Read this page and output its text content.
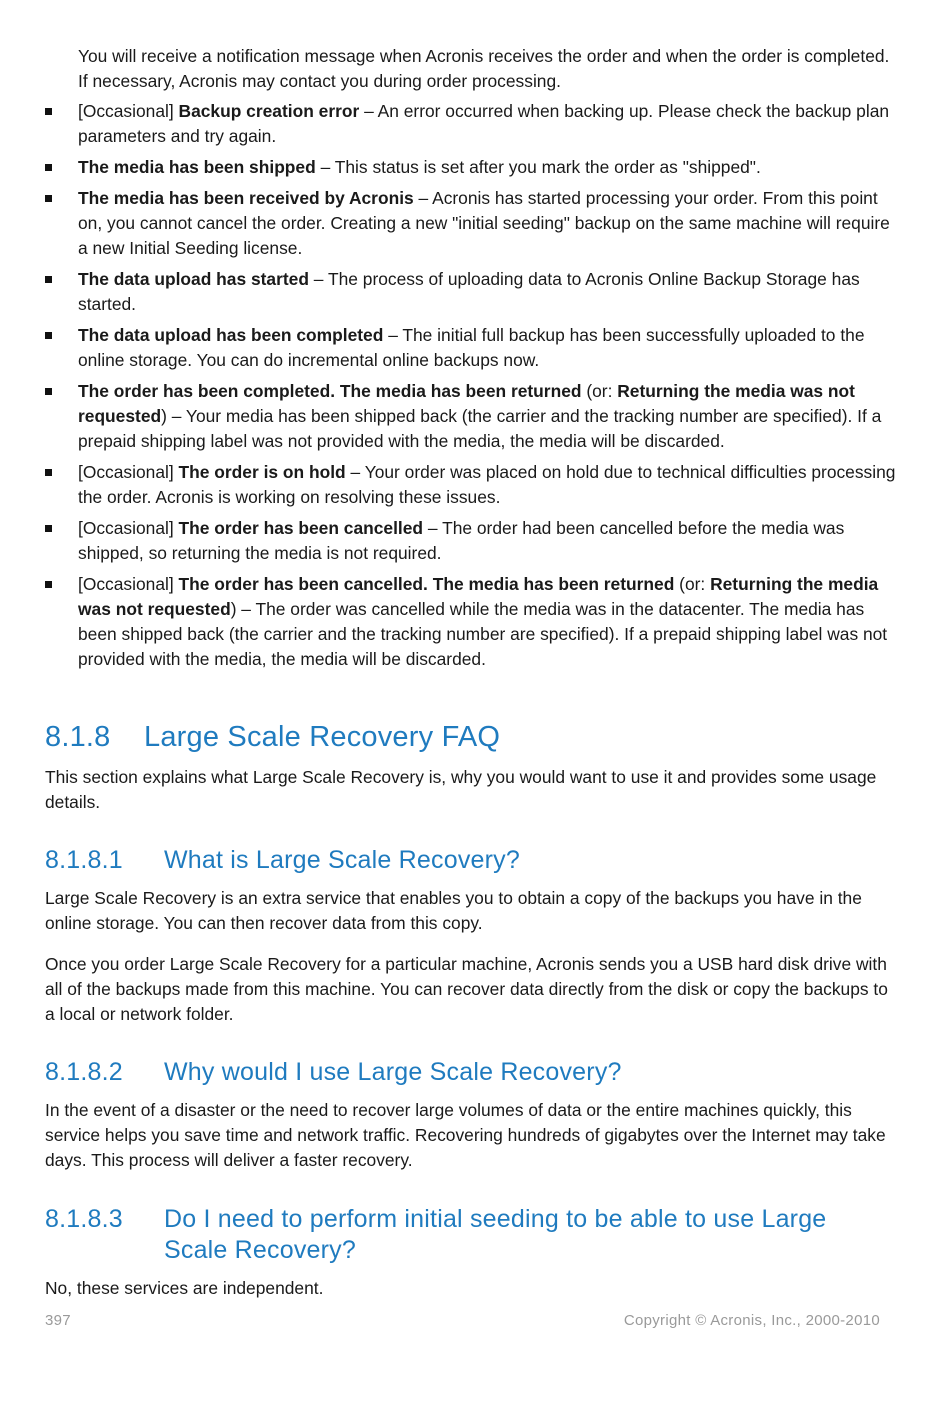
You will receive a notification message when Acronis receives the order and when the order is completed. If necessary, Acronis may contact you during order processing.

[Occasional] Backup creation error – An error occurred when backing up. Please check the backup plan parameters and try again.
The media has been shipped – This status is set after you mark the order as "shipped".
The media has been received by Acronis – Acronis has started processing your order. From this point on, you cannot cancel the order. Creating a new "initial seeding" backup on the same machine will require a new Initial Seeding license.
The data upload has started – The process of uploading data to Acronis Online Backup Storage has started.
The data upload has been completed – The initial full backup has been successfully uploaded to the online storage. You can do incremental online backups now.
The order has been completed. The media has been returned (or: Returning the media was not requested) – Your media has been shipped back (the carrier and the tracking number are specified). If a prepaid shipping label was not provided with the media, the media will be discarded.
[Occasional] The order is on hold – Your order was placed on hold due to technical difficulties processing the order. Acronis is working on resolving these issues.
[Occasional] The order has been cancelled – The order had been cancelled before the media was shipped, so returning the media is not required.
[Occasional] The order has been cancelled. The media has been returned (or: Returning the media was not requested) – The order was cancelled while the media was in the datacenter. The media has been shipped back (the carrier and the tracking number are specified). If a prepaid shipping label was not provided with the media, the media will be discarded.
8.1.8 Large Scale Recovery FAQ

This section explains what Large Scale Recovery is, why you would want to use it and provides some usage details.

8.1.8.1 What is Large Scale Recovery?

Large Scale Recovery is an extra service that enables you to obtain a copy of the backups you have in the online storage. You can then recover data from this copy.

Once you order Large Scale Recovery for a particular machine, Acronis sends you a USB hard disk drive with all of the backups made from this machine. You can recover data directly from the disk or copy the backups to a local or network folder.

8.1.8.2 Why would I use Large Scale Recovery?

In the event of a disaster or the need to recover large volumes of data or the entire machines quickly, this service helps you save time and network traffic. Recovering hundreds of gigabytes over the Internet may take days. This process will deliver a faster recovery.

8.1.8.3 Do I need to perform initial seeding to be able to use Large Scale Recovery?

No, these services are independent.

397	Copyright © Acronis, Inc., 2000-2010
